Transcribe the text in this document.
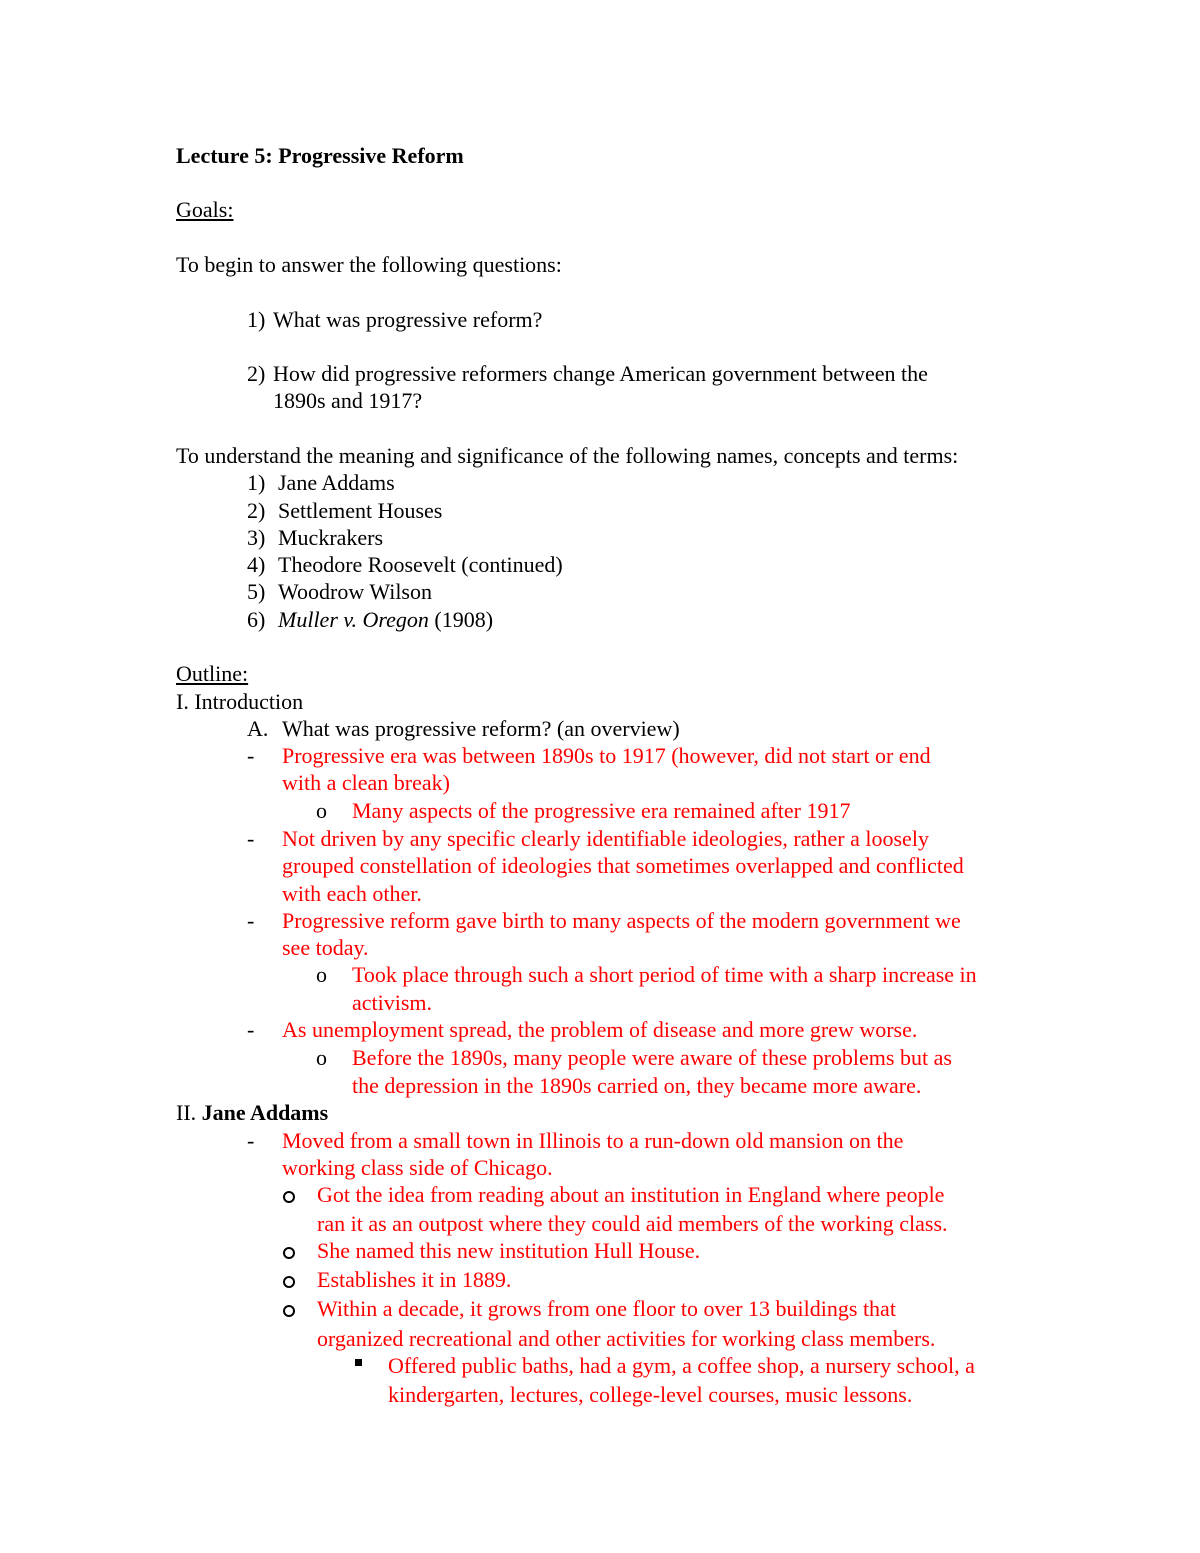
Lecture 5: Progressive Reform

Goals:

To begin to answer the following questions:

1) What was progressive reform?

2) How did progressive reformers change American government between the

1890s and 1917?

To understand the meaning and significance of the following names, concepts and terms:

1) Jane Addams

2) Settlement Houses

3) Muckrakers

4) Theodore Roosevelt (continued)

5) Woodrow Wilson

6) Muller v. Oregon (1908)

Outline:

I. Introduction

A. What was progressive reform? (an overview)

- Progressive era was between 1890s to 1917 (however, did not start or end

with a clean break)

o Many aspects of the progressive era remained after 1917

- Not driven by any specific clearly identifiable ideologies, rather a loosely

grouped constellation of ideologies that sometimes overlapped and conflicted

with each other.

- Progressive reform gave birth to many aspects of the modern government we

see today.

o Took place through such a short period of time with a sharp increase in

activism.

- As unemployment spread, the problem of disease and more grew worse.

o Before the 1890s, many people were aware of these problems but as

the depression in the 1890s carried on, they became more aware.

II. Jane Addams

- Moved from a small town in Illinois to a run-down old mansion on the

working class side of Chicago.

Got the idea from reading about an institution in England where people

ran it as an outpost where they could aid members of the working class.

She named this new institution Hull House.

Establishes it in 1889.

Within a decade, it grows from one floor to over 13 buildings that

organized recreational and other activities for working class members.

Offered public baths, had a gym, a coffee shop, a nursery school, a

kindergarten, lectures, college-level courses, music lessons.
